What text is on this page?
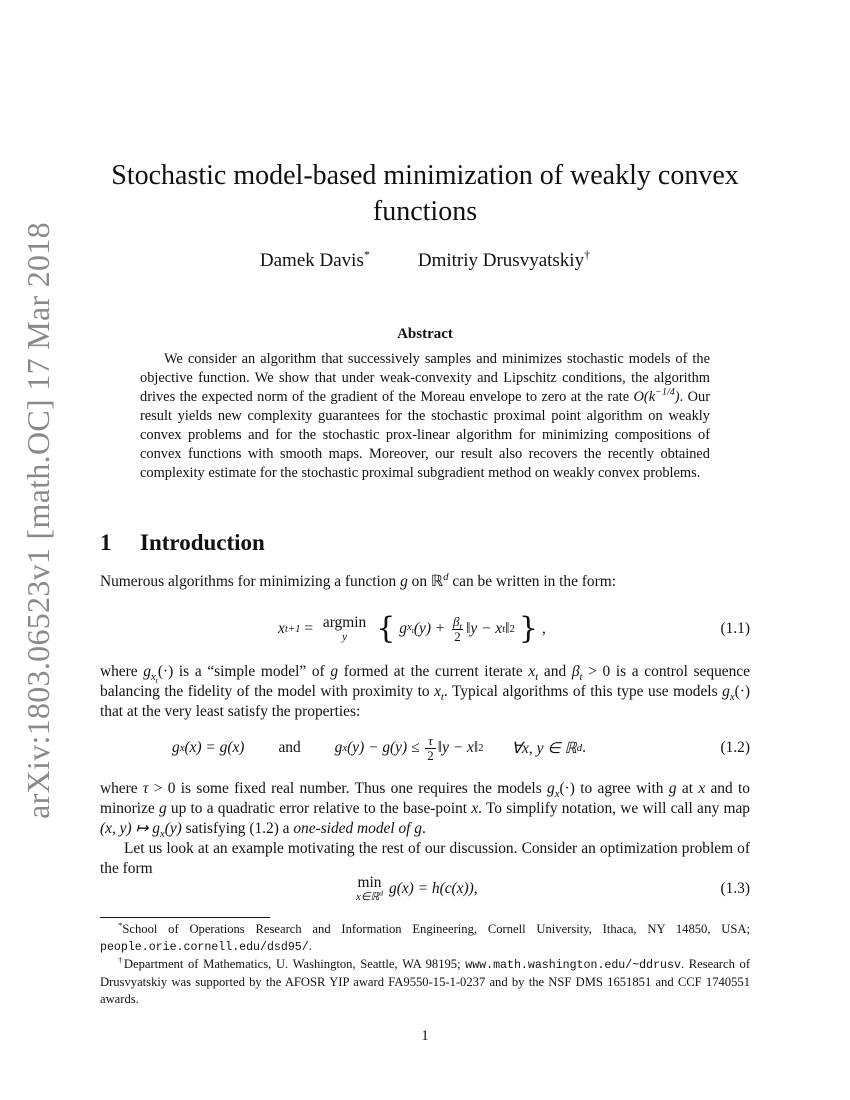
arXiv:1803.06523v1 [math.OC] 17 Mar 2018
Stochastic model-based minimization of weakly convex
functions
Damek Davis*	Dmitriy Drusvyatskiy†
Abstract

We consider an algorithm that successively samples and minimizes stochastic models of the objective function. We show that under weak-convexity and Lipschitz conditions, the algorithm drives the expected norm of the gradient of the Moreau envelope to zero at the rate $O(k^{-1/4})$. Our result yields new complexity guarantees for the stochastic proximal point algorithm on weakly convex problems and for the stochastic prox-linear algorithm for minimizing compositions of convex functions with smooth maps. Moreover, our result also recovers the recently obtained complexity estimate for the stochastic proximal subgradient method on weakly convex problems.

1 Introduction

Numerous algorithms for minimizing a function g on ℝ$^d$ can be written in the form:

x t+1 = argmin
y { g $x_t$ $(y) + \frac{\beta_t}{2}$ ‖y − x t ‖ 2 } ,	(1.1)

where $g_{x_t}(\cdot)$ is a “simple model” of g formed at the current iterate $x_t$ and $\beta_t > 0$ is a control sequence balancing the fidelity of the model with proximity to $x_t$. Typical algorithms of this type use models $g_x(\cdot)$ that at the very least satisfy the properties:

g x (x) = g(x) and g x $(y) - g(y) \le \frac{\tau}{2}$ ‖y − x‖ 2 ∀x, y ∈ ℝ d .	(1.2)

where τ > 0 is some fixed real number. Thus one requires the models $g_x(\cdot)$ to agree with g at x and to minorize g up to a quadratic error relative to the base-point x. To simplify notation, we will call any map (x, y) ↦ $g_x(y)$ satisfying (1.2) a one-sided model of g.

Let us look at an example motivating the rest of our discussion. Consider an optimization problem of the form

min
x∈ℝ$^d$ g(x) = h(c(x)),	(1.3)

*School of Operations Research and Information Engineering, Cornell University, Ithaca, NY 14850, USA; people.orie.cornell.edu/dsd95/.

†Department of Mathematics, U. Washington, Seattle, WA 98195; www.math.washington.edu/~ddrusv. Research of Drusvyatskiy was supported by the AFOSR YIP award FA9550-15-1-0237 and by the NSF DMS 1651851 and CCF 1740551 awards.

1
